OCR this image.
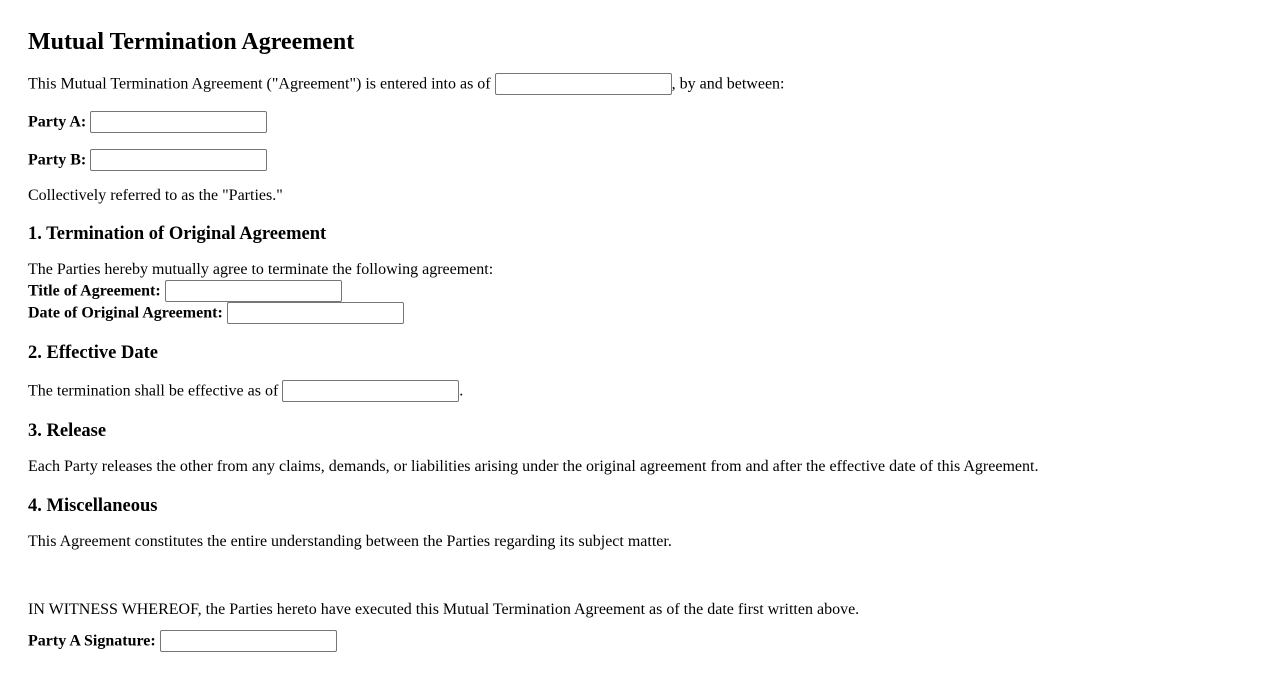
Mutual Termination Agreement

This Mutual Termination Agreement ("Agreement") is entered into as of	, by and between:

Party A:

Party B:

Collectively referred to as the "Parties."

1. Termination of Original Agreement

The Parties hereby mutually agree to terminate the following agreement:
Title of Agreement:
Date of Original Agreement:

2. Effective Date

The termination shall be effective as of	.

3. Release

Each Party releases the other from any claims, demands, or liabilities arising under the original agreement from and after the effective date of this Agreement.

4. Miscellaneous

This Agreement constitutes the entire understanding between the Parties regarding its subject matter.

IN WITNESS WHEREOF, the Parties hereto have executed this Mutual Termination Agreement as of the date first written above.

Party A Signature:
